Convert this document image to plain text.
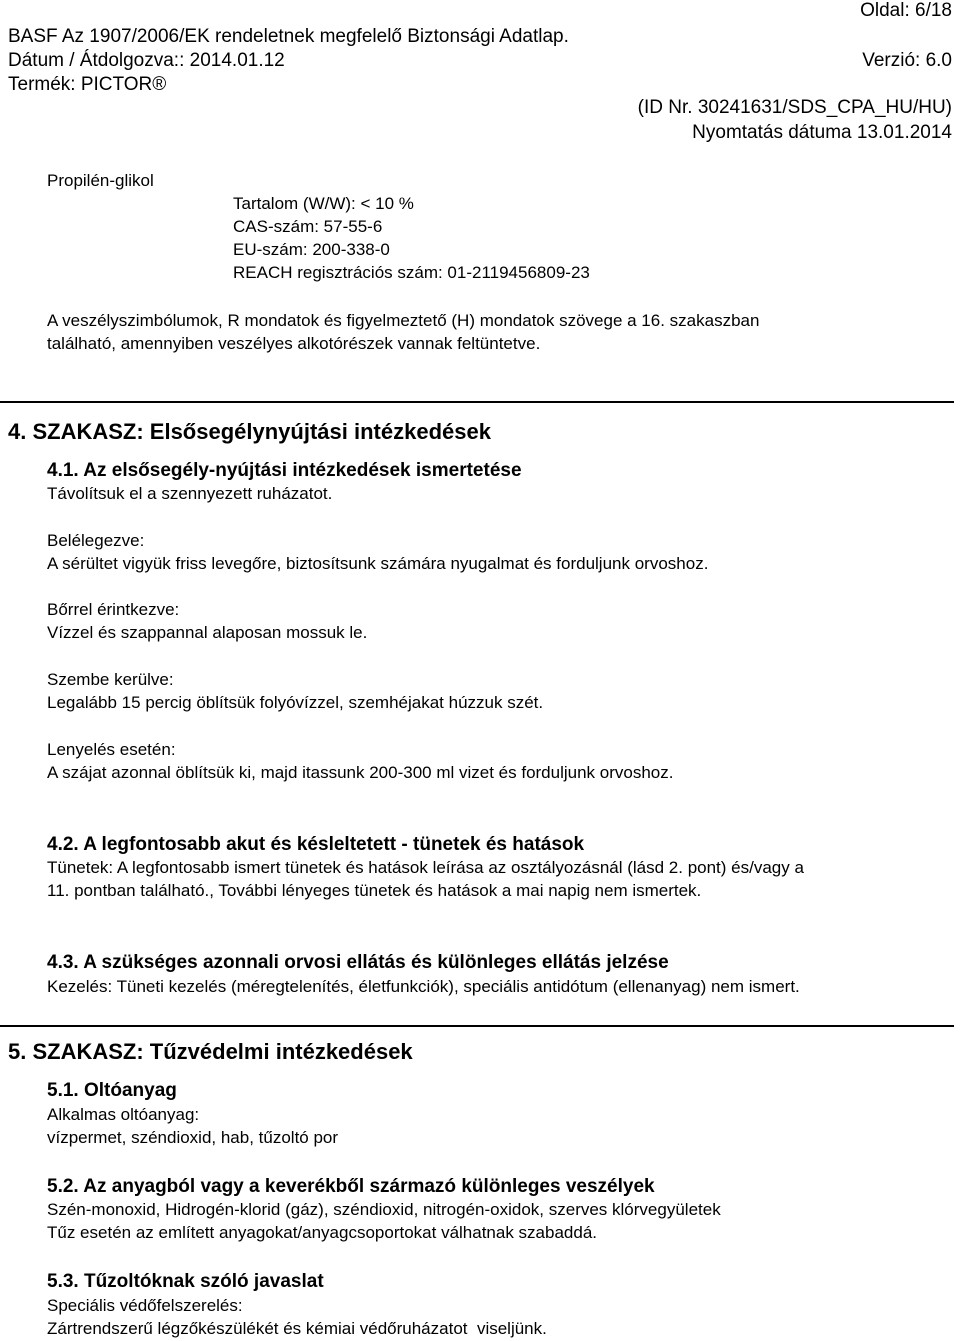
Oldal: 6/18
BASF Az 1907/2006/EK rendeletnek megfelelő Biztonsági Adatlap.
Dátum / Átdolgozva:: 2014.01.12	Verzió: 6.0
Termék: PICTOR®
(ID Nr. 30241631/SDS_CPA_HU/HU)
Nyomtatás dátuma 13.01.2014
Propilén-glikol
Tartalom (W/W): < 10 %
CAS-szám: 57-55-6
EU-szám: 200-338-0
REACH regisztrációs szám: 01-2119456809-23
A veszélyszimbólumok, R mondatok és figyelmeztető (H) mondatok szövege a 16. szakaszban
található, amennyiben veszélyes alkotórészek vannak feltüntetve.
4. SZAKASZ: Elsősegélynyújtási intézkedések
4.1. Az elsősegély-nyújtási intézkedések ismertetése
Távolítsuk el a szennyezett ruházatot.
Belélegezve:
A sérültet vigyük friss levegőre, biztosítsunk számára nyugalmat és forduljunk orvoshoz.
Bőrrel érintkezve:
Vízzel és szappannal alaposan mossuk le.
Szembe kerülve:
Legalább 15 percig öblítsük folyóvízzel, szemhéjakat húzzuk szét.
Lenyelés esetén:
A szájat azonnal öblítsük ki, majd itassunk 200-300 ml vizet és forduljunk orvoshoz.
4.2. A legfontosabb akut és késleltetett - tünetek és hatások
Tünetek: A legfontosabb ismert tünetek és hatások leírása az osztályozásnál (lásd 2. pont) és/vagy a
11. pontban található., További lényeges tünetek és hatások a mai napig nem ismertek.
4.3. A szükséges azonnali orvosi ellátás és különleges ellátás jelzése
Kezelés: Tüneti kezelés (méregtelenítés, életfunkciók), speciális antidótum (ellenanyag) nem ismert.
5. SZAKASZ: Tűzvédelmi intézkedések
5.1. Oltóanyag
Alkalmas oltóanyag:
vízpermet, széndioxid, hab, tűzoltó por
5.2. Az anyagból vagy a keverékből származó különleges veszélyek
Szén-monoxid, Hidrogén-klorid (gáz), széndioxid, nitrogén-oxidok, szerves klórvegyületek
Tűz esetén az említett anyagokat/anyagcsoportokat válhatnak szabaddá.
5.3. Tűzoltóknak szóló javaslat
Speciális védőfelszerelés:
Zártrendszerű légzőkészülékét és kémiai védőruházatot  viseljünk.
